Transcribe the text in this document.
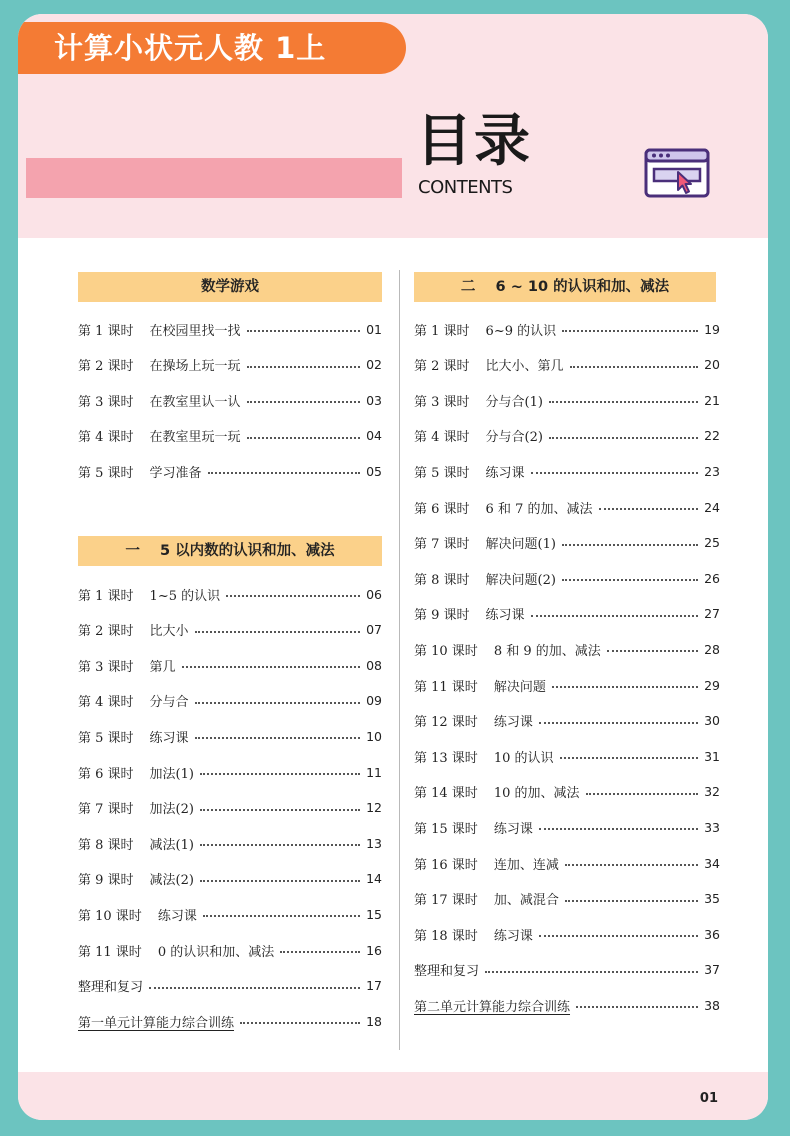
计算小状元人教 1上
目录
CONTENTS
数学游戏
第 1 课时 在校园里找一找	01
第 2 课时 在操场上玩一玩	02
第 3 课时 在教室里认一认	03
第 4 课时 在教室里玩一玩	04
第 5 课时 学习准备	05
一    5 以内数的认识和加、减法
第 1 课时 1~5 的认识	06
第 2 课时 比大小	07
第 3 课时 第几	08
第 4 课时 分与合	09
第 5 课时 练习课	10
第 6 课时 加法(1)	11
第 7 课时 加法(2)	12
第 8 课时 减法(1)	13
第 9 课时 减法(2)	14
第 10 课时 练习课	15
第 11 课时 0 的认识和加、减法	16
整理和复习	17
第一单元计算能力综合训练	18
二    6 ~ 10 的认识和加、减法
第 1 课时 6~9 的认识	19
第 2 课时 比大小、第几	20
第 3 课时 分与合(1)	21
第 4 课时 分与合(2)	22
第 5 课时 练习课	23
第 6 课时 6 和 7 的加、减法	24
第 7 课时 解决问题(1)	25
第 8 课时 解决问题(2)	26
第 9 课时 练习课	27
第 10 课时 8 和 9 的加、减法	28
第 11 课时 解决问题	29
第 12 课时 练习课	30
第 13 课时 10 的认识	31
第 14 课时 10 的加、减法	32
第 15 课时 练习课	33
第 16 课时 连加、连减	34
第 17 课时 加、减混合	35
第 18 课时 练习课	36
整理和复习	37
第二单元计算能力综合训练	38
01
